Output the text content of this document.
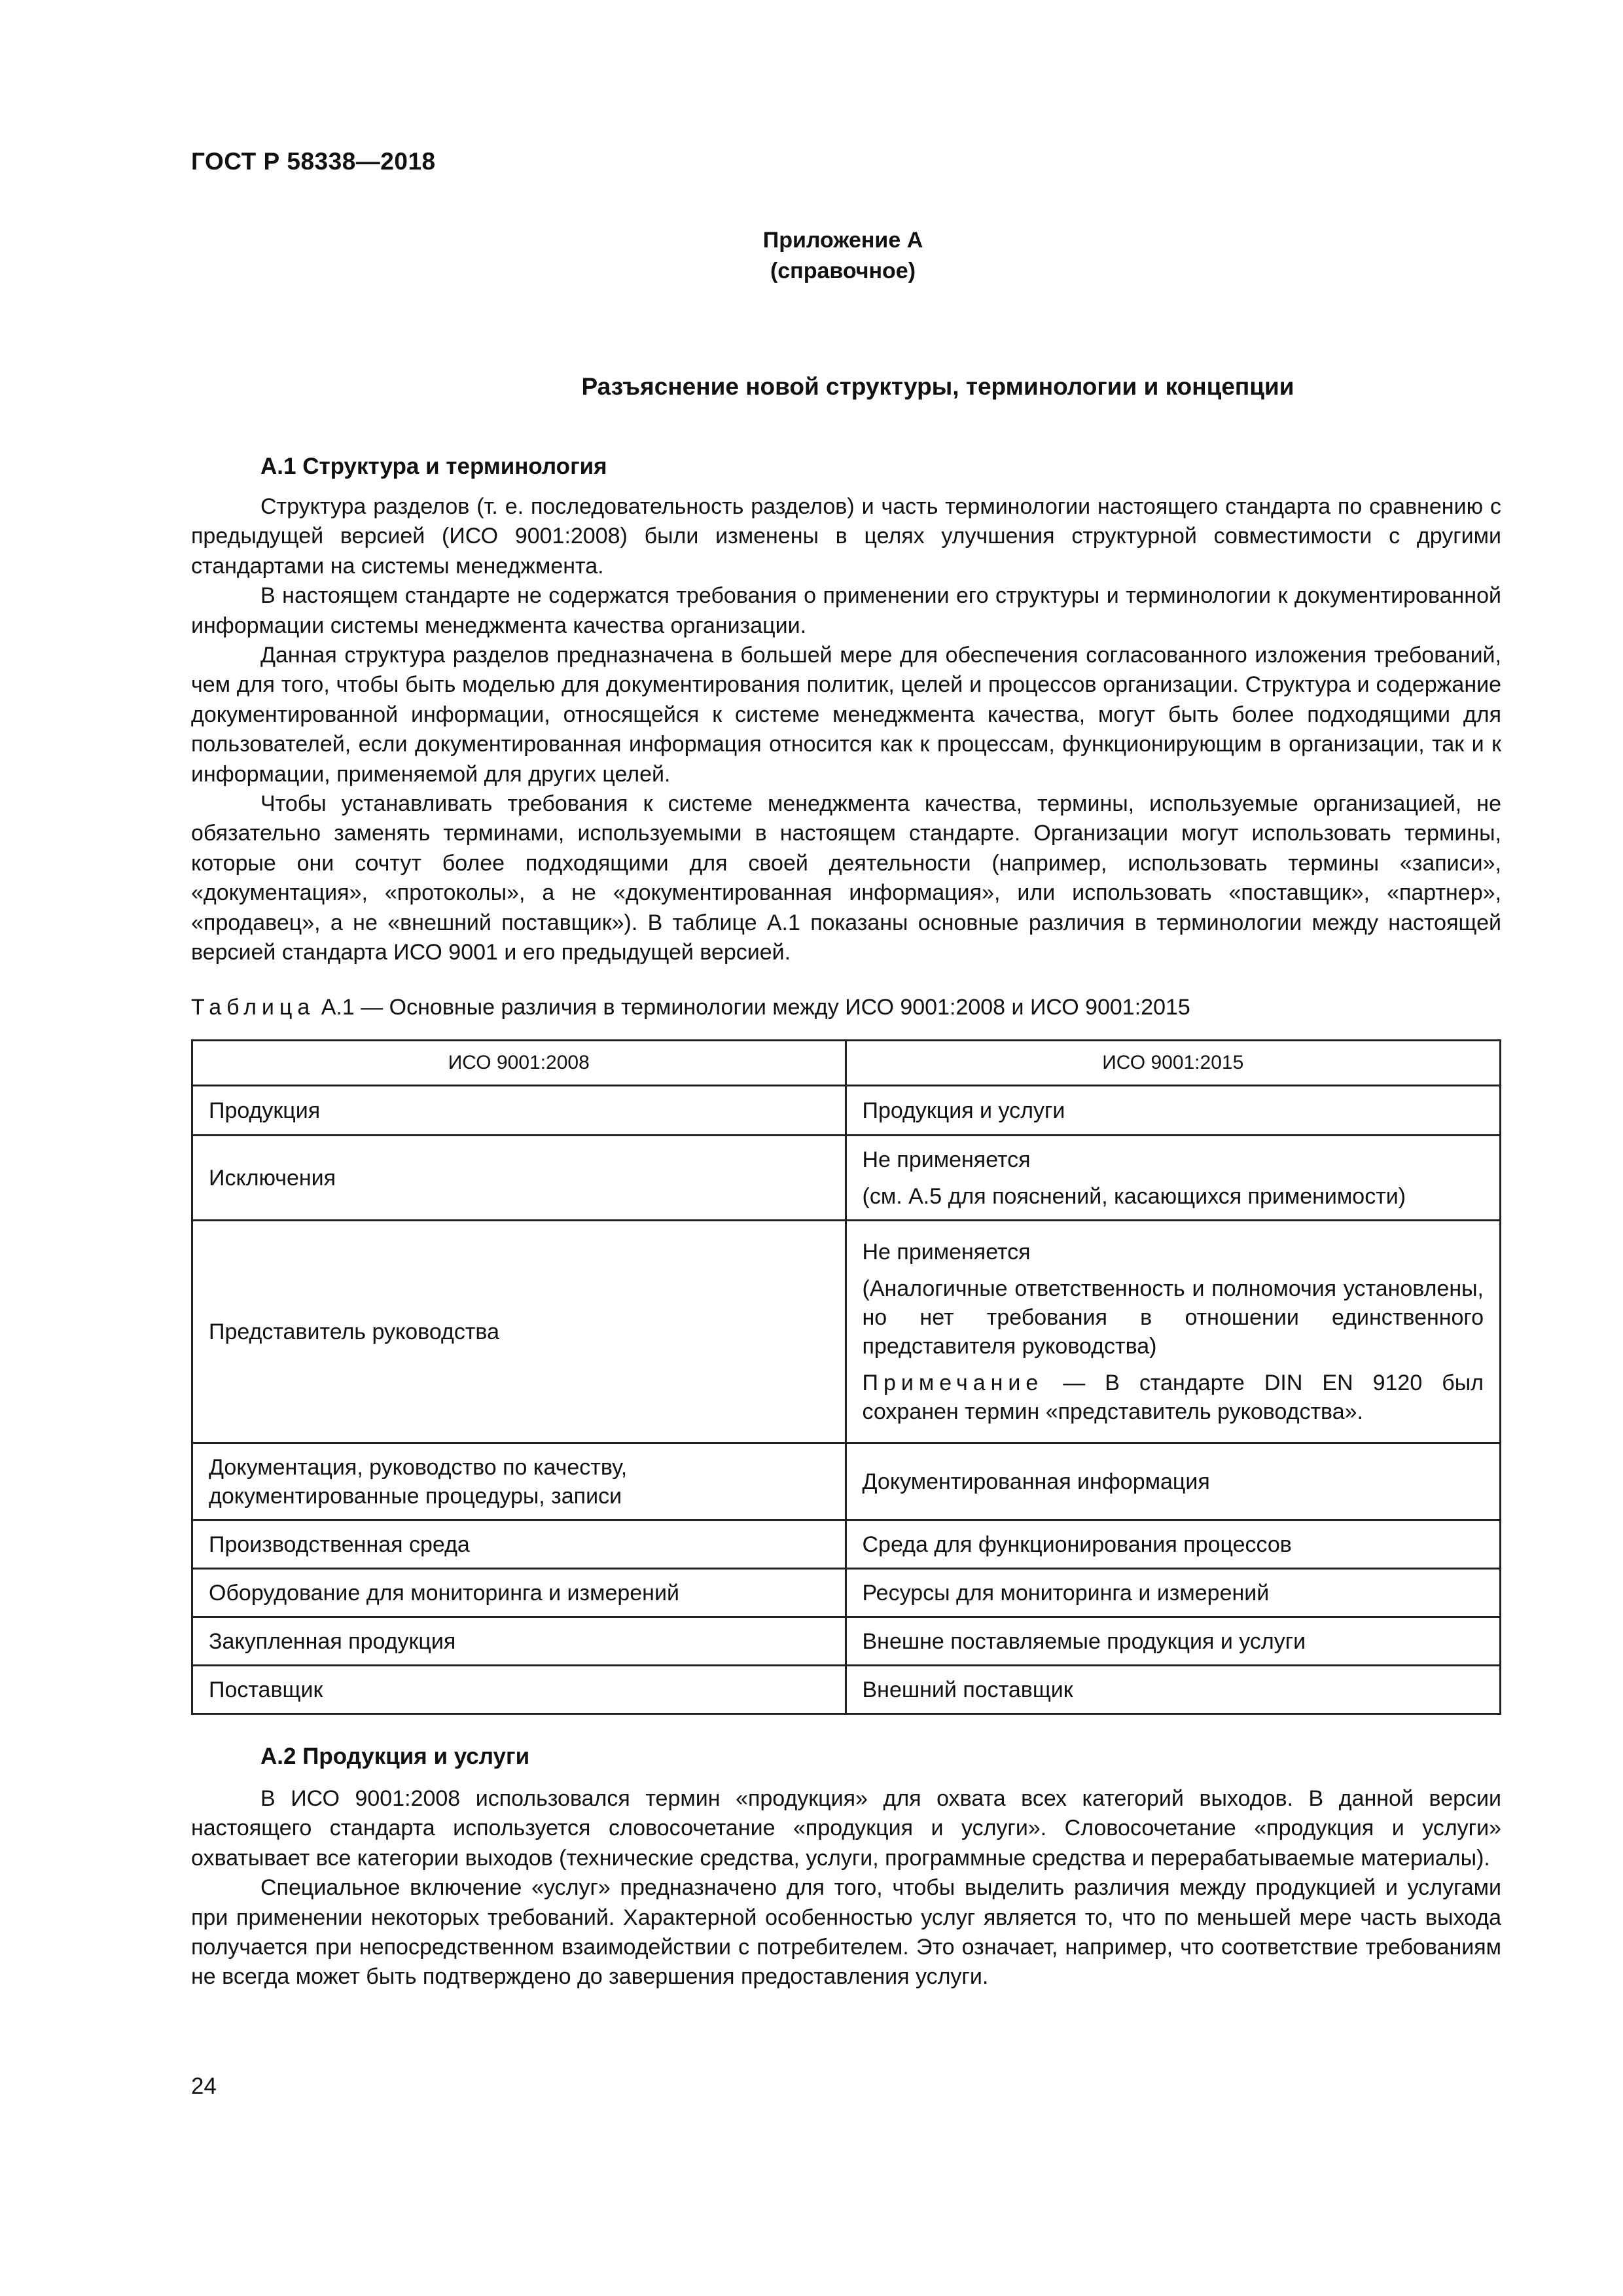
ГОСТ Р 58338—2018
Приложение А
(справочное)
Разъяснение новой структуры, терминологии и концепции
А.1 Структура и терминология

Структура разделов (т. е. последовательность разделов) и часть терминологии настоящего стандарта по сравнению с предыдущей версией (ИСО 9001:2008) были изменены в целях улучшения структурной совместимости с другими стандартами на системы менеджмента.

В настоящем стандарте не содержатся требования о применении его структуры и терминологии к документированной информации системы менеджмента качества организации.

Данная структура разделов предназначена в большей мере для обеспечения согласованного изложения требований, чем для того, чтобы быть моделью для документирования политик, целей и процессов организации. Структура и содержание документированной информации, относящейся к системе менеджмента качества, могут быть более подходящими для пользователей, если документированная информация относится как к процессам, функционирующим в организации, так и к информации, применяемой для других целей.

Чтобы устанавливать требования к системе менеджмента качества, термины, используемые организацией, не обязательно заменять терминами, используемыми в настоящем стандарте. Организации могут использовать термины, которые они сочтут более подходящими для своей деятельности (например, использовать термины «записи», «документация», «протоколы», а не «документированная информация», или использовать «поставщик», «партнер», «продавец», а не «внешний поставщик»). В таблице А.1 показаны основные различия в терминологии между настоящей версией стандарта ИСО 9001 и его предыдущей версией.

Таблица А.1 — Основные различия в терминологии между ИСО 9001:2008 и ИСО 9001:2015
ИСО 9001:2008	ИСО 9001:2015
Продукция	Продукция и услуги
Исключения	Не применяется

(см. А.5 для пояснений, касающихся применимости)

Представитель руководства	Не применяется

(Аналогичные ответственность и полномочия установлены, но нет требования в отношении единственного представителя руководства)

Примечание — В стандарте DIN EN 9120 был сохранен термин «представитель руководства».

Документация, руководство по качеству,
документированные процедуры, записи	Документированная информация
Производственная среда	Среда для функционирования процессов
Оборудование для мониторинга и измерений	Ресурсы для мониторинга и измерений
Закупленная продукция	Внешне поставляемые продукция и услуги
Поставщик	Внешний поставщик
А.2 Продукция и услуги

В ИСО 9001:2008 использовался термин «продукция» для охвата всех категорий выходов. В данной версии настоящего стандарта используется словосочетание «продукция и услуги». Словосочетание «продукция и услуги» охватывает все категории выходов (технические средства, услуги, программные средства и перерабатываемые материалы).

Специальное включение «услуг» предназначено для того, чтобы выделить различия между продукцией и услугами при применении некоторых требований. Характерной особенностью услуг является то, что по меньшей мере часть выхода получается при непосредственном взаимодействии с потребителем. Это означает, например, что соответствие требованиям не всегда может быть подтверждено до завершения предоставления услуги.

24
